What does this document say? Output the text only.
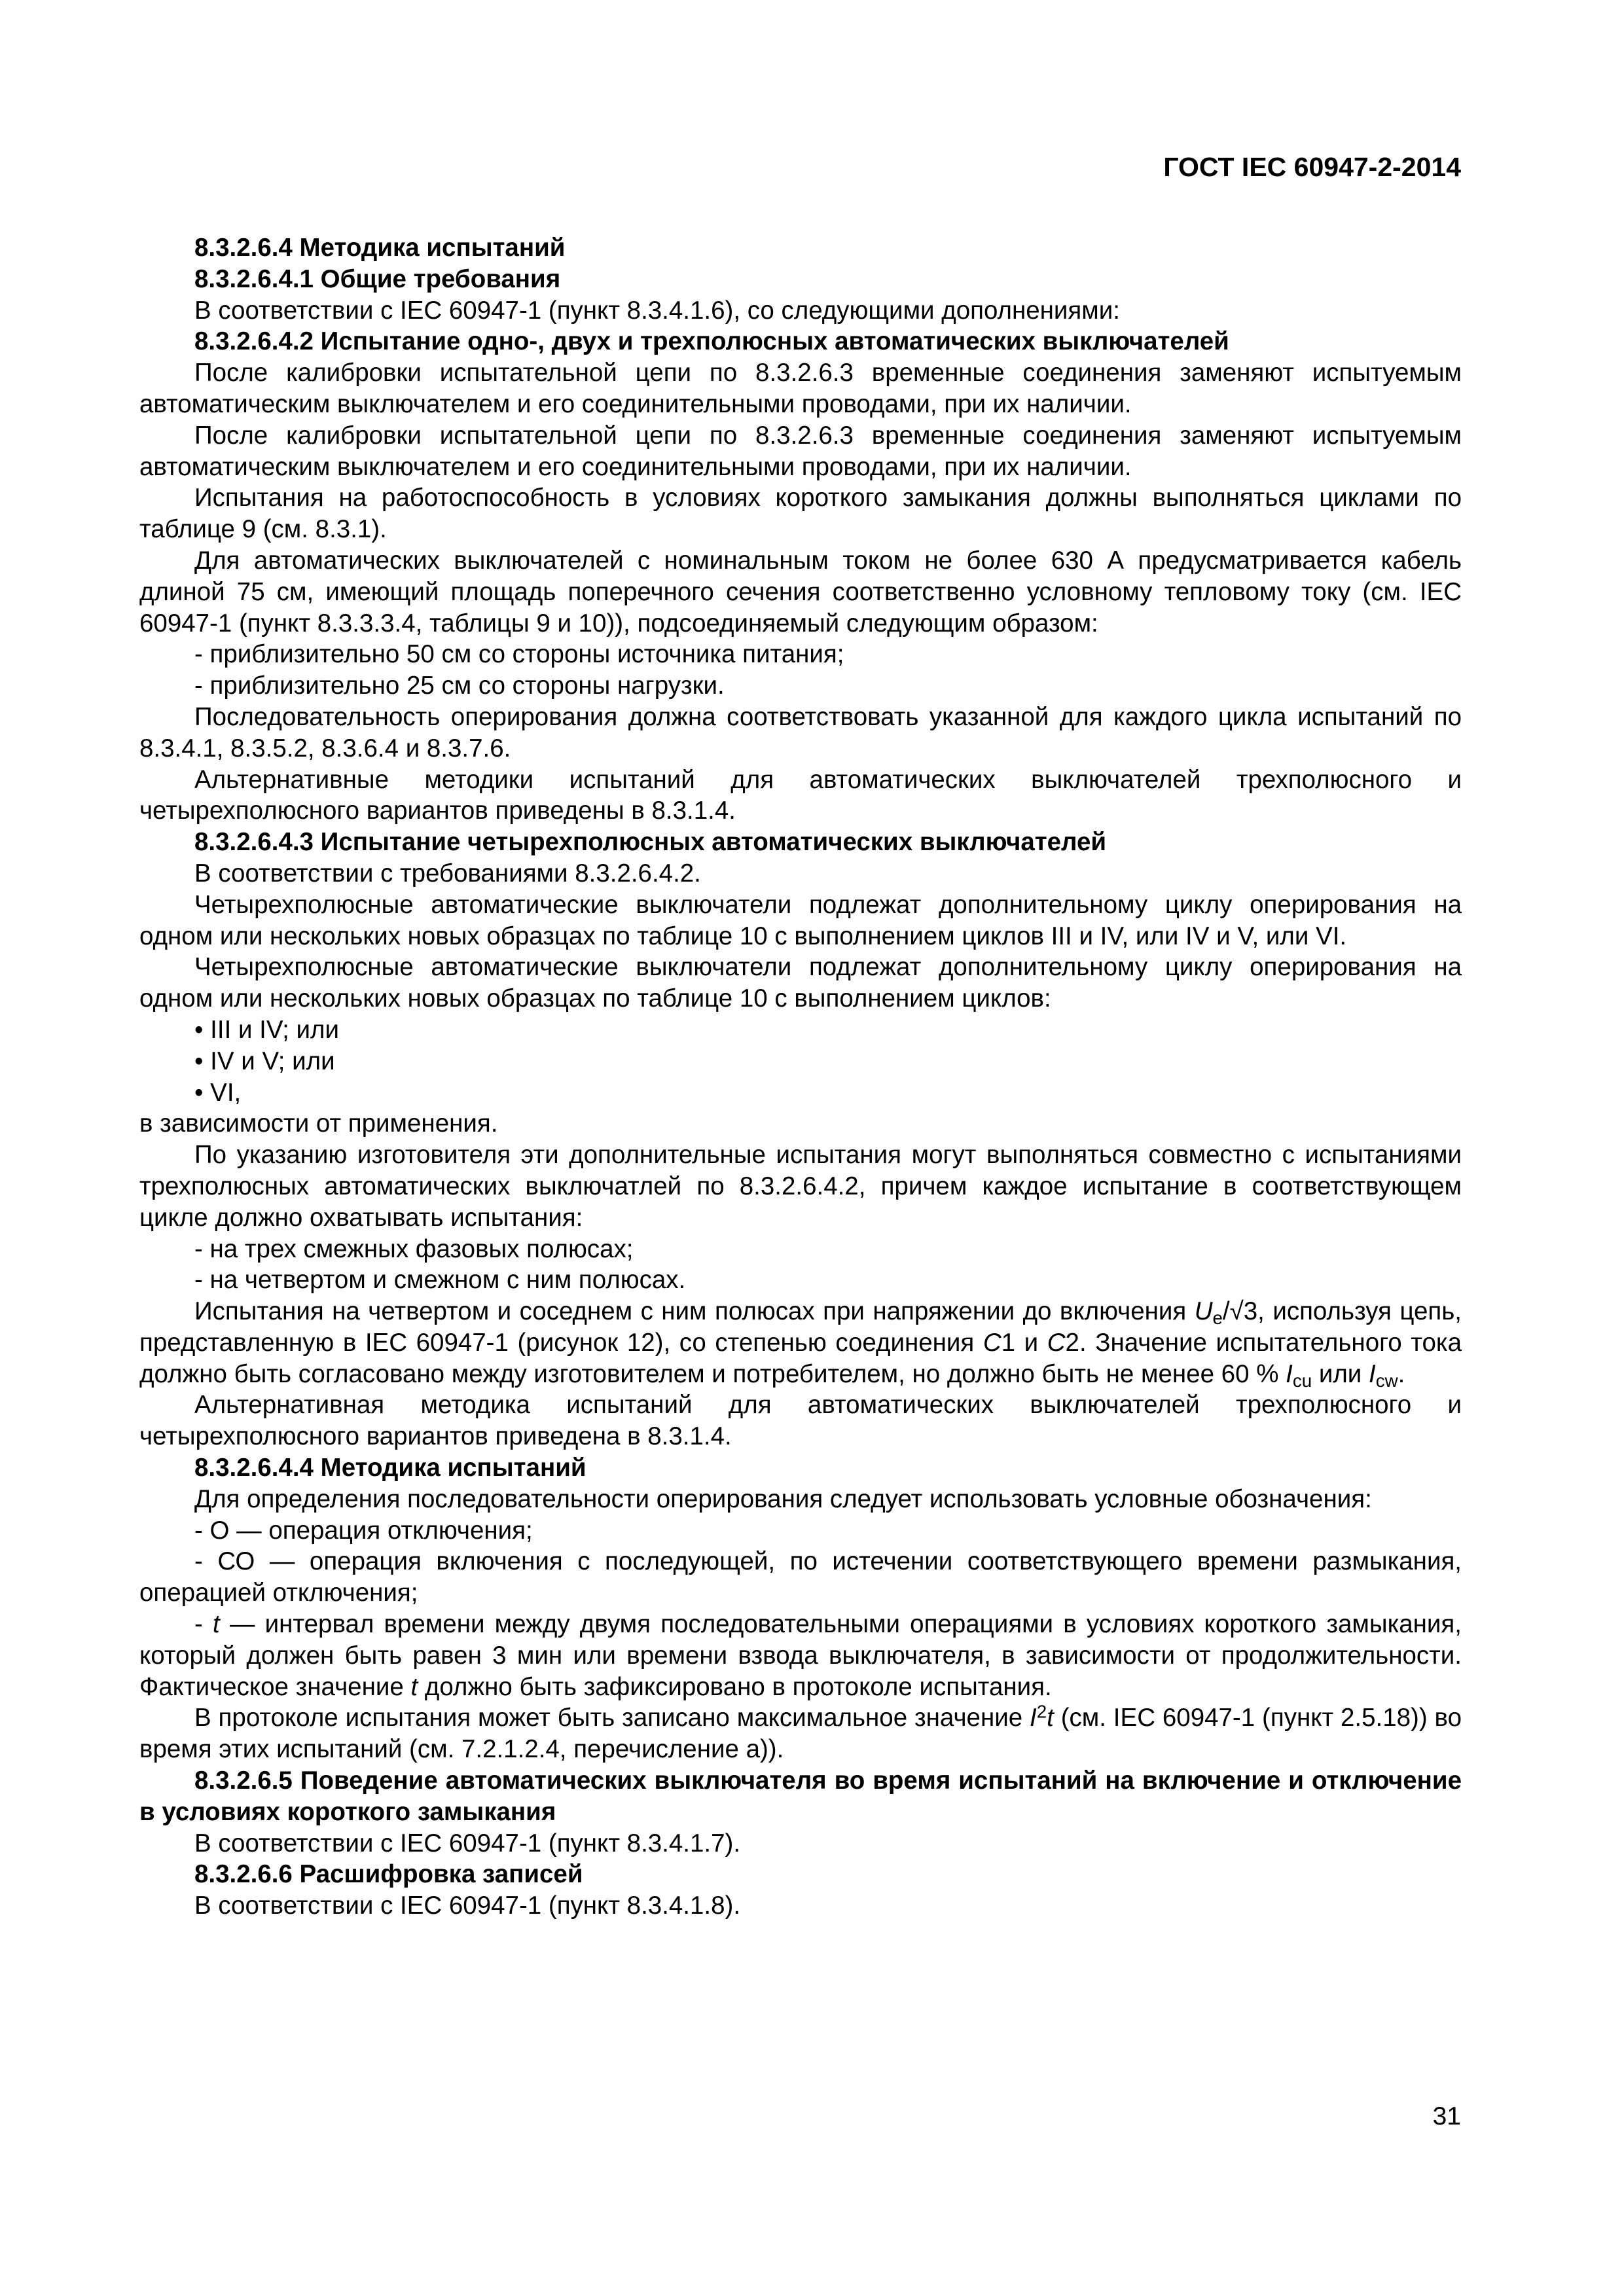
ГОСТ IEC 60947-2-2014

8.3.2.6.4 Методика испытаний

8.3.2.6.4.1 Общие требования

В соответствии с IEC 60947-1 (пункт 8.3.4.1.6), со следующими дополнениями:

8.3.2.6.4.2 Испытание одно-, двух и трехполюсных автоматических выключателей

После калибровки испытательной цепи по 8.3.2.6.3 временные соединения заменяют испытуемым автоматическим выключателем и его соединительными проводами, при их наличии.

После калибровки испытательной цепи по 8.3.2.6.3 временные соединения заменяют испытуемым автоматическим выключателем и его соединительными проводами, при их наличии.

Испытания на работоспособность в условиях короткого замыкания должны выполняться циклами по таблице 9 (см. 8.3.1).

Для автоматических выключателей с номинальным током не более 630 А предусматривается кабель длиной 75 см, имеющий площадь поперечного сечения соответственно условному тепловому току (см. IEC 60947-1 (пункт 8.3.3.3.4, таблицы 9 и 10)), подсоединяемый следующим образом:

- приблизительно 50 см со стороны источника питания;

- приблизительно 25 см со стороны нагрузки.

Последовательность оперирования должна соответствовать указанной для каждого цикла испытаний по 8.3.4.1, 8.3.5.2, 8.3.6.4 и 8.3.7.6.

Альтернативные методики испытаний для автоматических выключателей трехполюсного и четырехполюсного вариантов приведены в 8.3.1.4.

8.3.2.6.4.3 Испытание четырехполюсных автоматических выключателей

В соответствии с требованиями 8.3.2.6.4.2.

Четырехполюсные автоматические выключатели подлежат дополнительному циклу оперирования на одном или нескольких новых образцах по таблице 10 с выполнением циклов III и IV, или IV и V, или VI.

Четырехполюсные автоматические выключатели подлежат дополнительному циклу оперирования на одном или нескольких новых образцах по таблице 10 с выполнением циклов:

• III и IV; или

• IV и V; или

• VI,

в зависимости от применения.

По указанию изготовителя эти дополнительные испытания могут выполняться совместно с испытаниями трехполюсных автоматических выключатлей по 8.3.2.6.4.2, причем каждое испытание в соответствующем цикле должно охватывать испытания:

- на трех смежных фазовых полюсах;

- на четвертом и смежном с ним полюсах.

Испытания на четвертом и соседнем с ним полюсах при напряжении до включения $U_e/√3$, используя цепь, представленную в IEC 60947-1 (рисунок 12), со степенью соединения C1 и C2. Значение испытательного тока должно быть согласовано между изготовителем и потребителем, но должно быть не менее 60 % $I_{cu}$ или $I_{cw}$.

Альтернативная методика испытаний для автоматических выключателей трехполюсного и четырехполюсного вариантов приведена в 8.3.1.4.

8.3.2.6.4.4 Методика испытаний

Для определения последовательности оперирования следует использовать условные обозначения:

- О — операция отключения;

- СО — операция включения с последующей, по истечении соответствующего времени размыкания, операцией отключения;

- t — интервал времени между двумя последовательными операциями в условиях короткого замыкания, который должен быть равен 3 мин или времени взвода выключателя, в зависимости от продолжительности. Фактическое значение t должно быть зафиксировано в протоколе испытания.

В протоколе испытания может быть записано максимальное значение $I^2t$ (см. IEC 60947-1 (пункт 2.5.18)) во время этих испытаний (см. 7.2.1.2.4, перечисление а)).

8.3.2.6.5 Поведение автоматических выключателя во время испытаний на включение и отключение в условиях короткого замыкания

В соответствии с IEC 60947-1 (пункт 8.3.4.1.7).

8.3.2.6.6 Расшифровка записей

В соответствии с IEC 60947-1 (пункт 8.3.4.1.8).

31
